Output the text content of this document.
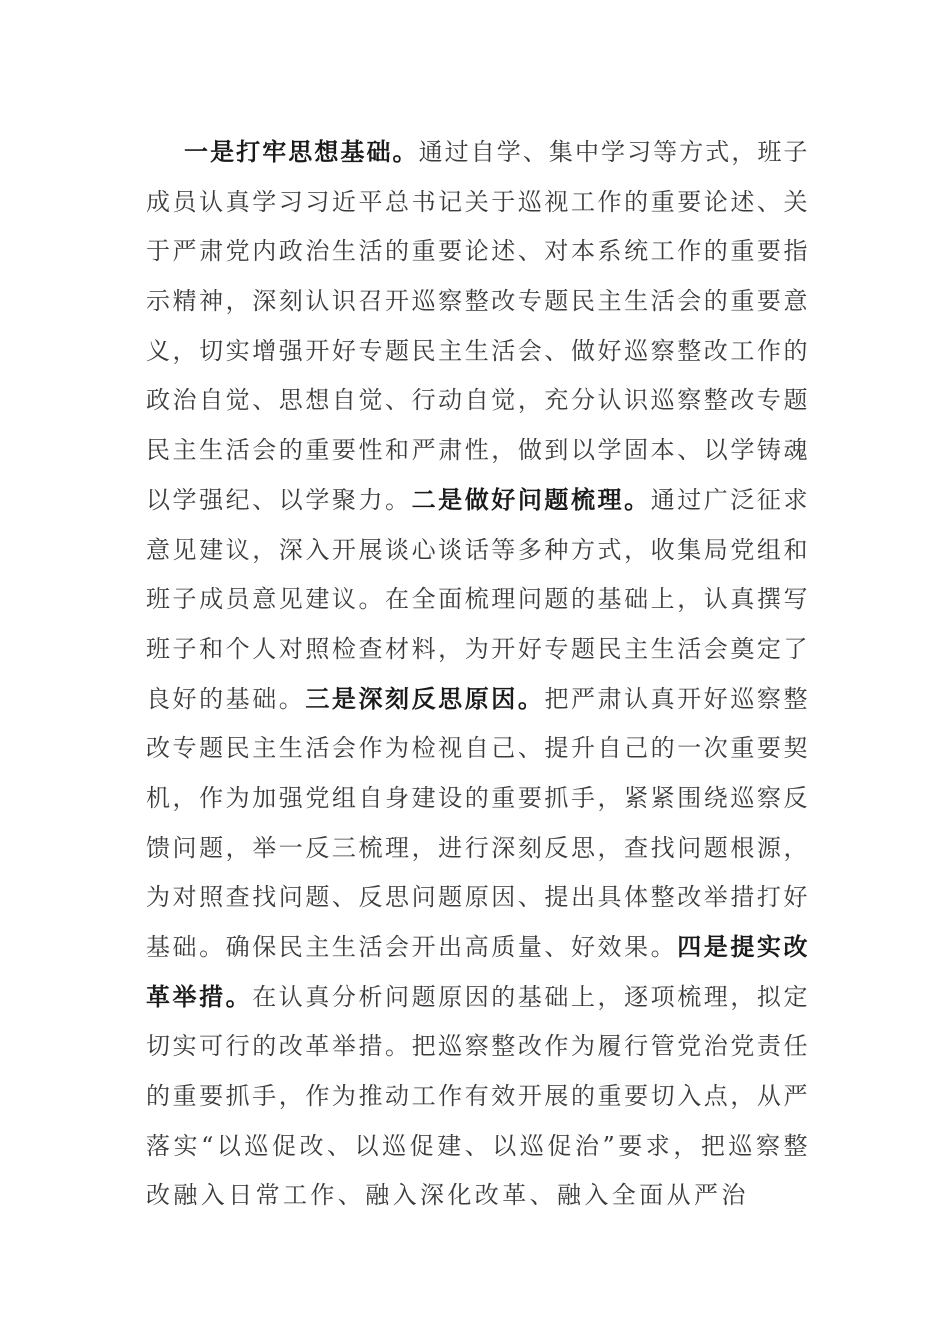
一是打牢思想基础。通过自学、集中学习等方式，班子
成员认真学习习近平总书记关于巡视工作的重要论述、关
于严肃党内政治生活的重要论述、对本系统工作的重要指
示精神，深刻认识召开巡察整改专题民主生活会的重要意
义，切实增强开好专题民主生活会、做好巡察整改工作的
政治自觉、思想自觉、行动自觉，充分认识巡察整改专题
民主生活会的重要性和严肃性，做到以学固本、以学铸魂
以学强纪、以学聚力。二是做好问题梳理。通过广泛征求
意见建议，深入开展谈心谈话等多种方式，收集局党组和
班子成员意见建议。在全面梳理问题的基础上，认真撰写
班子和个人对照检查材料，为开好专题民主生活会奠定了
良好的基础。三是深刻反思原因。把严肃认真开好巡察整
改专题民主生活会作为检视自己、提升自己的一次重要契
机，作为加强党组自身建设的重要抓手，紧紧围绕巡察反
馈问题，举一反三梳理，进行深刻反思，查找问题根源，
为对照查找问题、反思问题原因、提出具体整改举措打好
基础。确保民主生活会开出高质量、好效果。四是提实改
革举措。在认真分析问题原因的基础上，逐项梳理，拟定
切实可行的改革举措。把巡察整改作为履行管党治党责任
的重要抓手，作为推动工作有效开展的重要切入点，从严
落实“以巡促改、以巡促建、以巡促治”要求，把巡察整
改融入日常工作、融入深化改革、融入全面从严治
